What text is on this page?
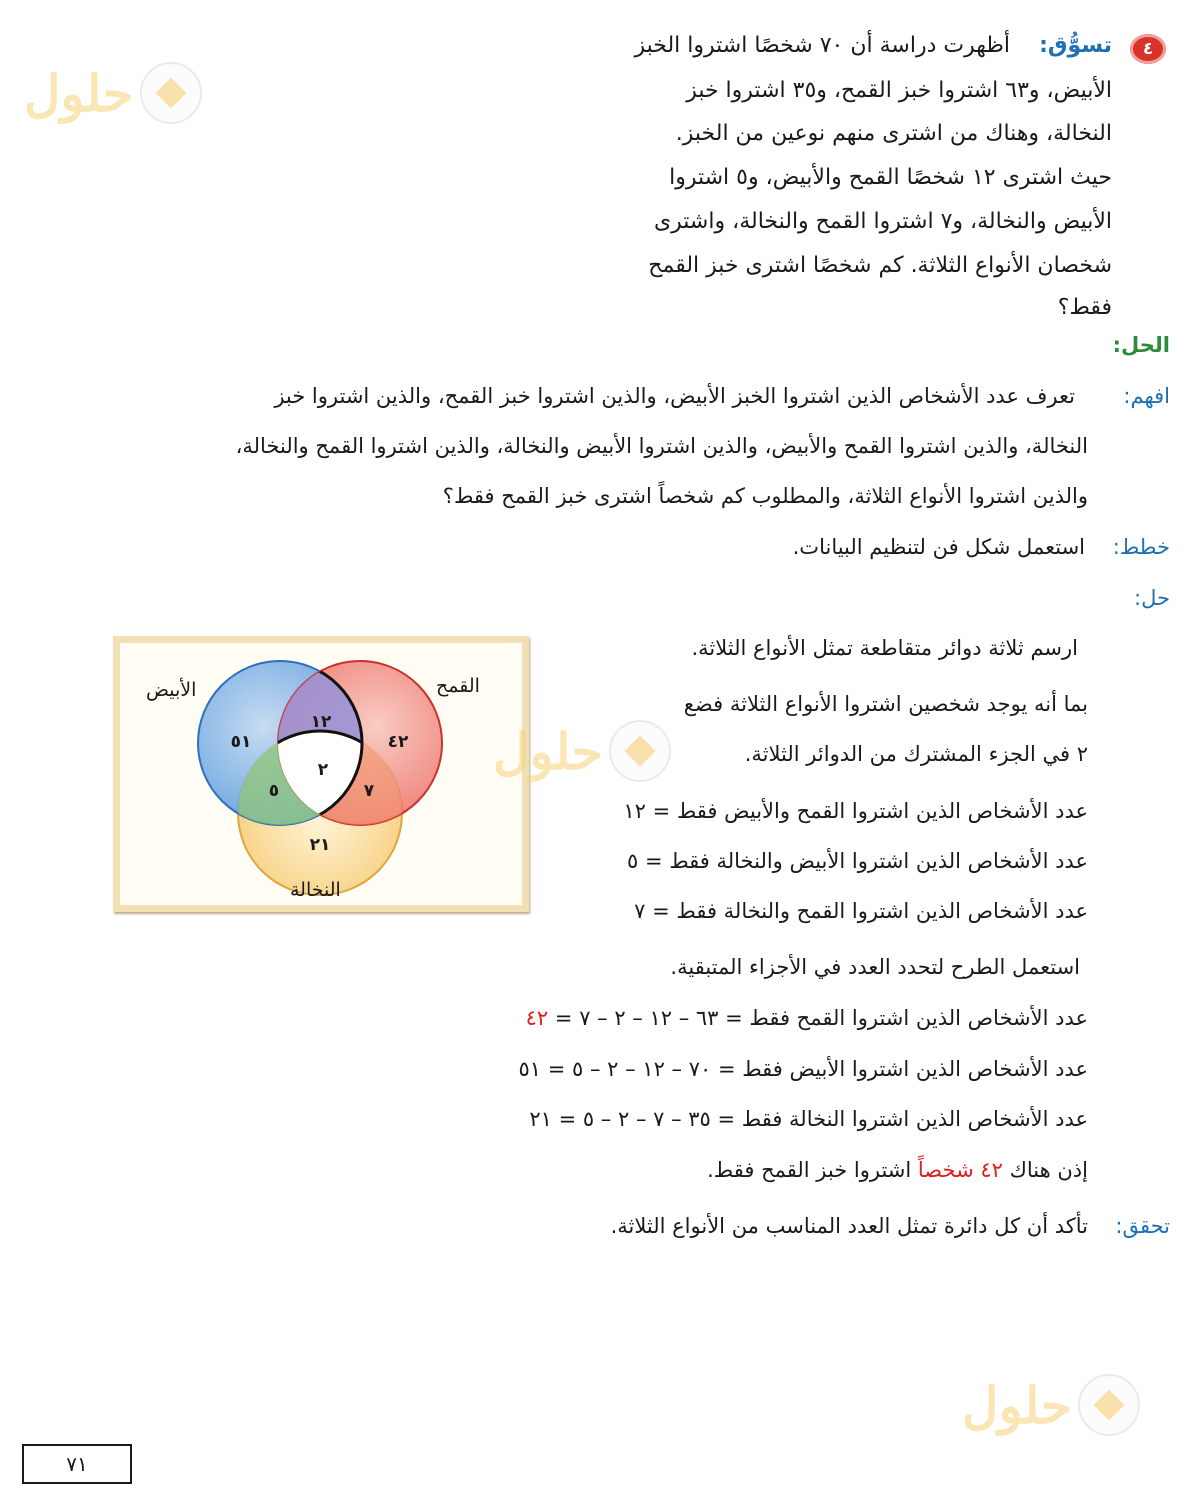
٤
تسوُّق:
أظهرت دراسة أن ٧٠ شخصًا اشتروا الخبز
الأبيض، و٦٣ اشتروا خبز القمح، و٣٥ اشتروا خبز
النخالة، وهناك من اشترى منهم نوعين من الخبز.
حيث اشترى ١٢ شخصًا القمح والأبيض، و٥ اشتروا
الأبيض والنخالة، و٧ اشتروا القمح والنخالة، واشترى
شخصان الأنواع الثلاثة. كم شخصًا اشترى خبز القمح
فقط؟
الحل:
افهم:
تعرف عدد الأشخاص الذين اشتروا الخبز الأبيض، والذين اشتروا خبز القمح، والذين اشتروا خبز
النخالة، والذين اشتروا القمح والأبيض، والذين اشتروا الأبيض والنخالة، والذين اشتروا القمح والنخالة،
والذين اشتروا الأنواع الثلاثة، والمطلوب كم شخصاً اشترى خبز القمح فقط؟
خطط:
استعمل شكل فن لتنظيم البيانات.
حل:
ارسم ثلاثة دوائر متقاطعة تمثل الأنواع الثلاثة.
بما أنه يوجد شخصين اشتروا الأنواع الثلاثة فضع
٢ في الجزء المشترك من الدوائر الثلاثة.
عدد الأشخاص الذين اشتروا القمح والأبيض فقط = ١٢
عدد الأشخاص الذين اشتروا الأبيض والنخالة فقط = ٥
عدد الأشخاص الذين اشتروا القمح والنخالة فقط = ٧
استعمل الطرح لتحدد العدد في الأجزاء المتبقية.
عدد الأشخاص الذين اشتروا القمح فقط = ٦٣ – ١٢ – ٢ – ٧ = ٤٢
عدد الأشخاص الذين اشتروا الأبيض فقط = ٧٠ – ١٢ – ٢ – ٥ = ٥١
عدد الأشخاص الذين اشتروا النخالة فقط = ٣٥ – ٧ – ٢ – ٥ = ٢١
إذن هناك ٤٢ شخصاً اشتروا خبز القمح فقط.
تحقق:
تأكد أن كل دائرة تمثل العدد المناسب من الأنواع الثلاثة.
الأبيض	القمح
النخالة
٥١	٤٢
٢١
١٢
٥	٧
٢
حلول
حلول
حلول
٧١
